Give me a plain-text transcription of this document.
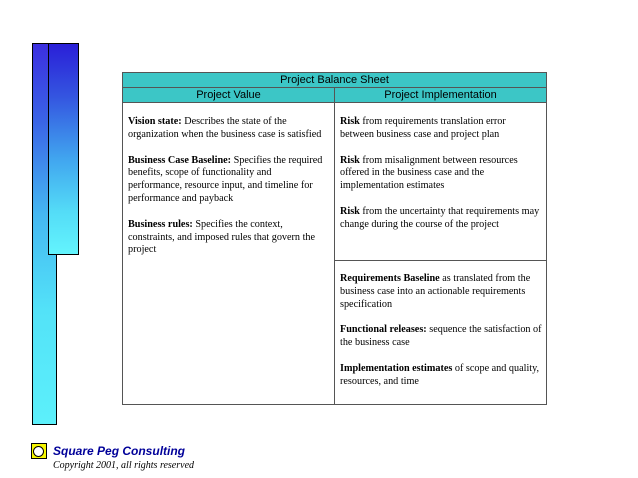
Project Balance Sheet
Project Value	Project Implementation

Vision state: Describes the state of the organization when the business case is satisfied

Business Case Baseline: Specifies the required benefits, scope of functionality and performance, resource input, and timeline for performance and payback

Business rules: Specifies the context, constraints, and imposed rules that govern the project

Risk from requirements translation error between business case and project plan

Risk from misalignment between resources offered in the business case and the implementation estimates

Risk from the uncertainty that requirements may change during the course of the project

Requirements Baseline as translated from the business case into an actionable requirements specification

Functional releases: sequence the satisfaction of the business case

Implementation estimates of scope and quality, resources, and time

Square Peg Consulting
Copyright 2001, all rights reserved
